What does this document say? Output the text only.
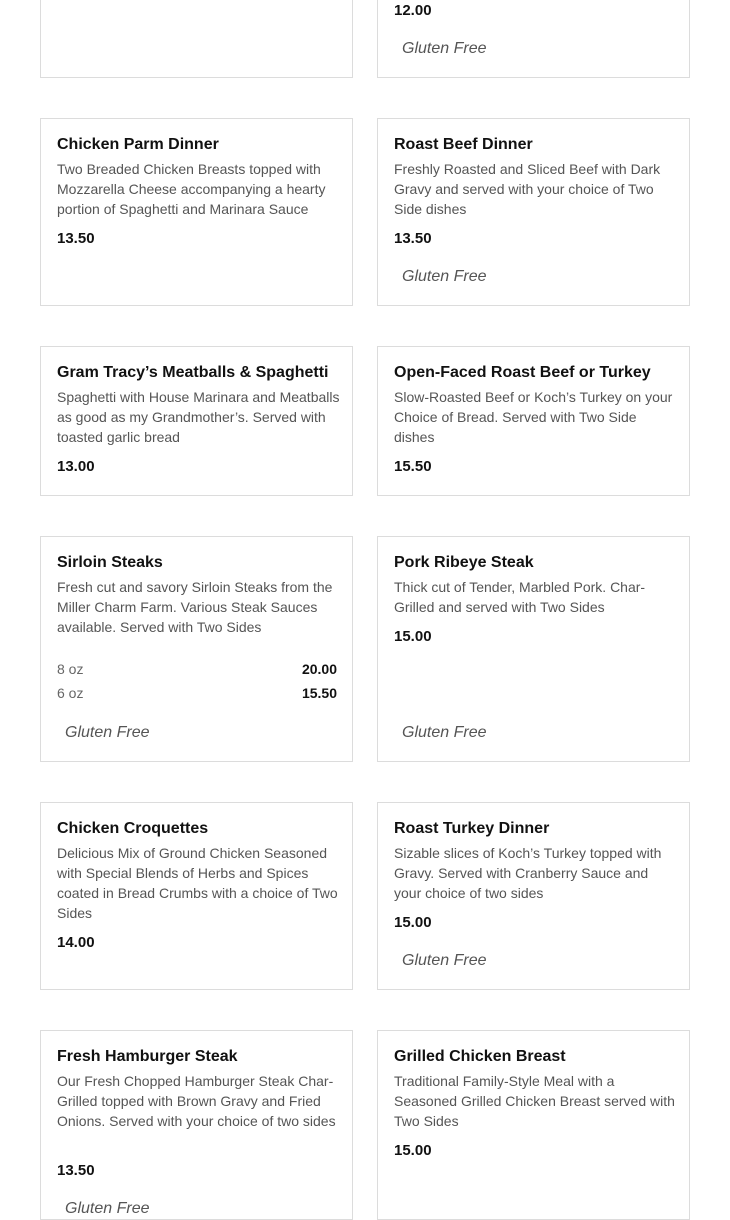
12.00
Gluten Free
Chicken Parm Dinner
Two Breaded Chicken Breasts topped with Mozzarella Cheese accompanying a hearty portion of Spaghetti and Marinara Sauce
13.50
Roast Beef Dinner
Freshly Roasted and Sliced Beef with Dark Gravy and served with your choice of Two Side dishes
13.50
Gluten Free
Gram Tracy’s Meatballs & Spaghetti
Spaghetti with House Marinara and Meatballs as good as my Grandmother’s. Served with toasted garlic bread
13.00
Open-Faced Roast Beef or Turkey
Slow-Roasted Beef or Koch’s Turkey on your Choice of Bread. Served with Two Side dishes
15.50
Sirloin Steaks
Fresh cut and savory Sirloin Steaks from the Miller Charm Farm. Various Steak Sauces available. Served with Two Sides
8 oz	20.00
6 oz	15.50
Gluten Free
Pork Ribeye Steak
Thick cut of Tender, Marbled Pork. Char-Grilled and served with Two Sides
15.00
Gluten Free
Chicken Croquettes
Delicious Mix of Ground Chicken Seasoned with Special Blends of Herbs and Spices coated in Bread Crumbs with a choice of Two Sides
14.00
Roast Turkey Dinner
Sizable slices of Koch’s Turkey topped with Gravy. Served with Cranberry Sauce and your choice of two sides
15.00
Gluten Free
Fresh Hamburger Steak
Our Fresh Chopped Hamburger Steak Char-Grilled topped with Brown Gravy and Fried Onions. Served with your choice of two sides
13.50
Gluten Free
Grilled Chicken Breast
Traditional Family-Style Meal with a Seasoned Grilled Chicken Breast served with Two Sides
15.00
